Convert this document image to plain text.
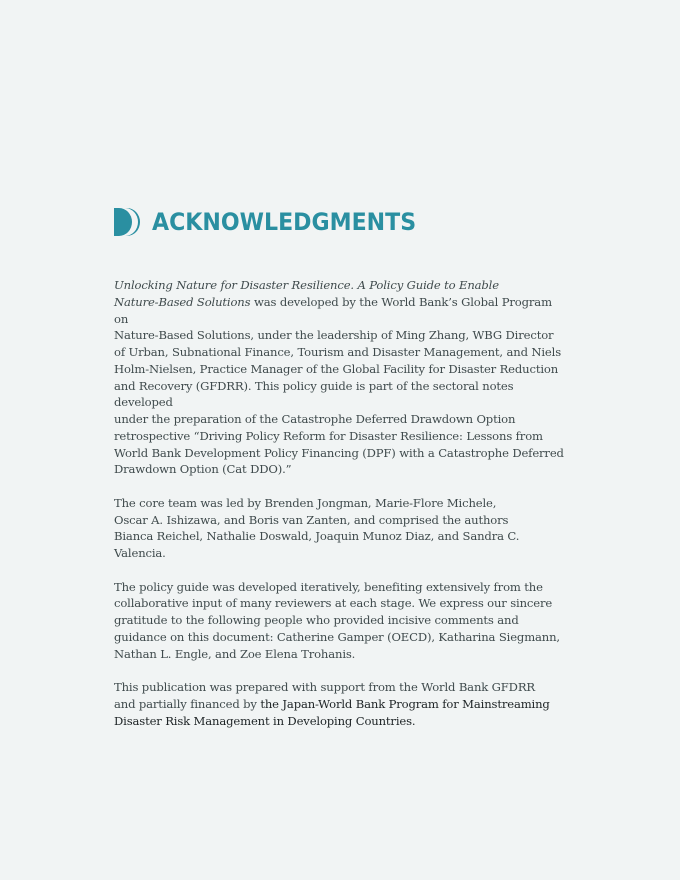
ACKNOWLEDGMENTS

Unlocking Nature for Disaster Resilience. A Policy Guide to Enable
Nature-Based Solutions was developed by the World Bank’s Global Program on
Nature-Based Solutions, under the leadership of Ming Zhang, WBG Director
of Urban, Subnational Finance, Tourism and Disaster Management, and Niels
Holm-Nielsen, Practice Manager of the Global Facility for Disaster Reduction
and Recovery (GFDRR). This policy guide is part of the sectoral notes developed
under the preparation of the Catastrophe Deferred Drawdown Option
retrospective “Driving Policy Reform for Disaster Resilience: Lessons from
World Bank Development Policy Financing (DPF) with a Catastrophe Deferred
Drawdown Option (Cat DDO).”

The core team was led by Brenden Jongman, Marie-Flore Michele,
Oscar A. Ishizawa, and Boris van Zanten, and comprised the authors
Bianca Reichel, Nathalie Doswald, Joaquin Munoz Diaz, and Sandra C. Valencia.

The policy guide was developed iteratively, benefiting extensively from the
collaborative input of many reviewers at each stage. We express our sincere
gratitude to the following people who provided incisive comments and
guidance on this document: Catherine Gamper (OECD), Katharina Siegmann,
Nathan L. Engle, and Zoe Elena Trohanis.

This publication was prepared with support from the World Bank GFDRR
and partially financed by the Japan-World Bank Program for Mainstreaming
Disaster Risk Management in Developing Countries.
